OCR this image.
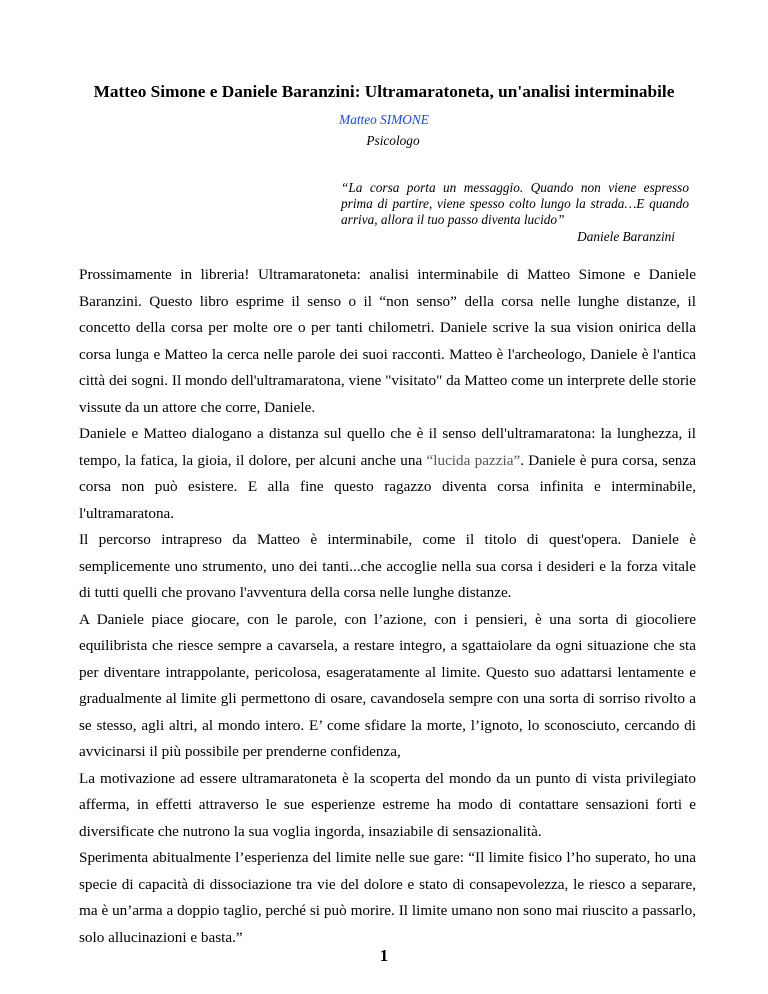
Matteo Simone e Daniele Baranzini: Ultramaratoneta, un'analisi interminabile
Matteo SIMONE
Psicologo
“La corsa porta un messaggio. Quando non viene espresso prima di partire, viene spesso colto lungo la strada…E quando arriva, allora il tuo passo diventa lucido”
Daniele Baranzini

Prossimamente in libreria! Ultramaratoneta: analisi interminabile di Matteo Simone e Daniele Baranzini. Questo libro esprime il senso o il “non senso” della corsa nelle lunghe distanze, il concetto della corsa per molte ore o per tanti chilometri. Daniele scrive la sua vision onirica della corsa lunga e Matteo la cerca nelle parole dei suoi racconti. Matteo è l'archeologo, Daniele è l'antica città dei sogni. Il mondo dell'ultramaratona, viene "visitato" da Matteo come un interprete delle storie vissute da un attore che corre, Daniele.

Daniele e Matteo dialogano a distanza sul quello che è il senso dell'ultramaratona: la lunghezza, il tempo, la fatica, la gioia, il dolore, per alcuni anche una “lucida pazzia”. Daniele è pura corsa, senza corsa non può esistere. E alla fine questo ragazzo diventa corsa infinita e interminabile, l'ultramaratona.

Il percorso intrapreso da Matteo è interminabile, come il titolo di quest'opera. Daniele è semplicemente uno strumento, uno dei tanti...che accoglie nella sua corsa i desideri e la forza vitale di tutti quelli che provano l'avventura della corsa nelle lunghe distanze.

A Daniele piace giocare, con le parole, con l’azione, con i pensieri, è una sorta di giocoliere equilibrista che riesce sempre a cavarsela, a restare integro, a sgattaiolare da ogni situazione che sta per diventare intrappolante, pericolosa, esageratamente al limite. Questo suo adattarsi lentamente e gradualmente al limite gli permettono di osare, cavandosela sempre con una sorta di sorriso rivolto a se stesso, agli altri, al mondo intero. E’ come sfidare la morte, l’ignoto, lo sconosciuto, cercando di avvicinarsi il più possibile per prenderne confidenza,

La motivazione ad essere ultramaratoneta è la scoperta del mondo da un punto di vista privilegiato afferma, in effetti attraverso le sue esperienze estreme ha modo di contattare sensazioni forti e diversificate che nutrono la sua voglia ingorda, insaziabile di sensazionalità.

Sperimenta abitualmente l’esperienza del limite nelle sue gare: “Il limite fisico l’ho superato, ho una specie di capacità di dissociazione tra vie del dolore e stato di consapevolezza, le riesco a separare, ma è un’arma a doppio taglio, perché si può morire. Il limite umano non sono mai riuscito a passarlo, solo allucinazioni e basta.”

1
